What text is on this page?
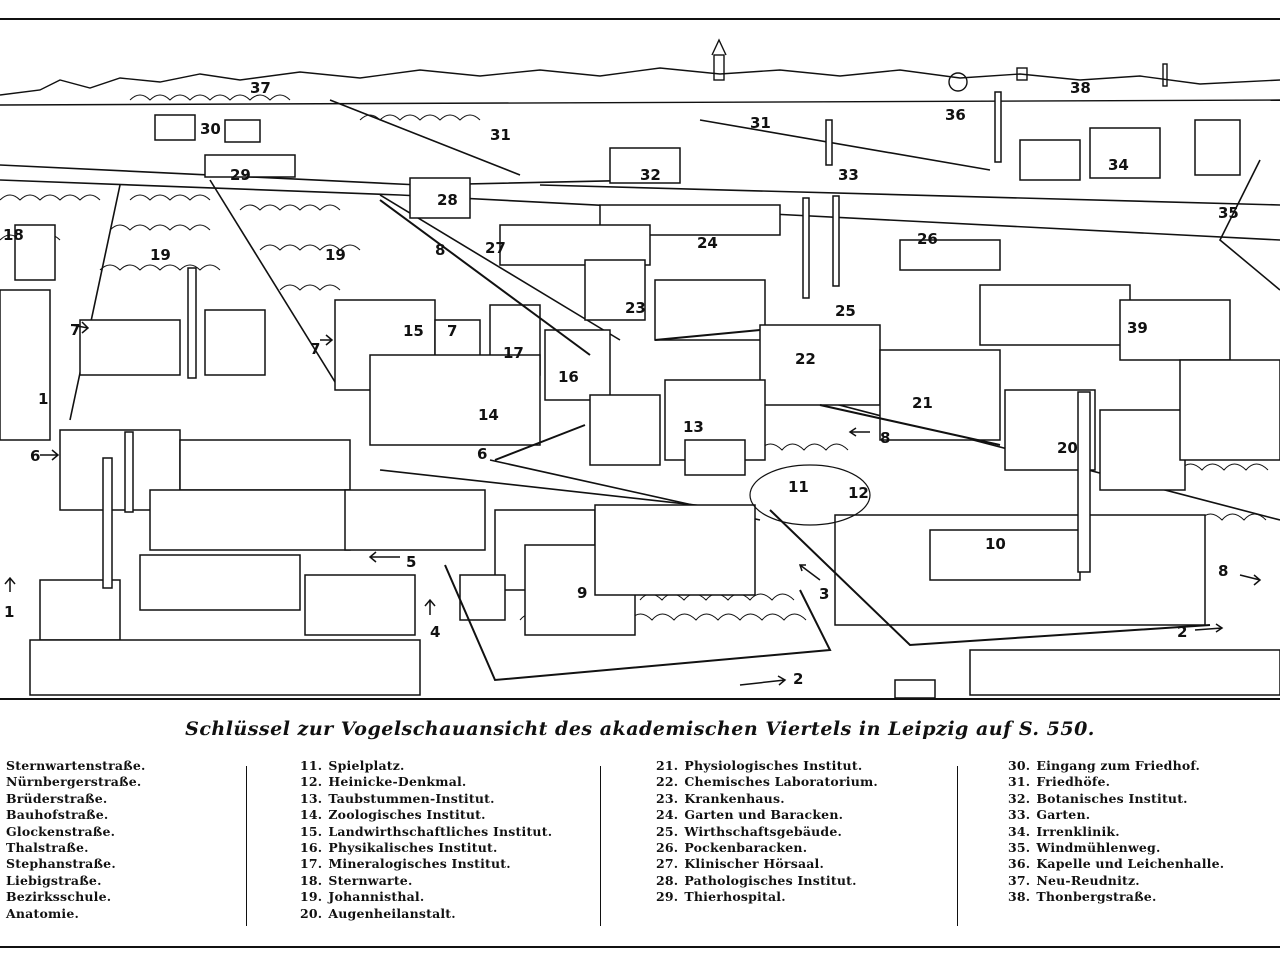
37	38
30	31
31	36
29	32	33
34
28
35
18
19	19	8	27	24	26
23	25
39
7
7
15 7
17
16
22
21
1
14
13
20
6	6
8
11	12
10
5
3
9
8
4	2
1
2
Schlüssel zur Vogelschauansicht des akademischen Viertels in Leipzig auf S. 550.
Sternwartenstraße.
Nürnbergerstraße.
Brüderstraße.
Bauhofstraße.
Glockenstraße.
Thalstraße.
Stephanstraße.
Liebigstraße.
Bezirksschule.
Anatomie.
11. Spielplatz.
12. Heinicke-Denkmal.
13. Taubstummen-Institut.
14. Zoologisches Institut.
15. Landwirthschaftliches Institut.
16. Physikalisches Institut.
17. Mineralogisches Institut.
18. Sternwarte.
19. Johannisthal.
20. Augenheilanstalt.
21. Physiologisches Institut.
22. Chemisches Laboratorium.
23. Krankenhaus.
24. Garten und Baracken.
25. Wirthschaftsgebäude.
26. Pockenbaracken.
27. Klinischer Hörsaal.
28. Pathologisches Institut.
29. Thierhospital.
30. Eingang zum Friedhof.
31. Friedhöfe.
32. Botanisches Institut.
33. Garten.
34. Irrenklinik.
35. Windmühlenweg.
36. Kapelle und Leichenhalle.
37. Neu-Reudnitz.
38. Thonbergstraße.
